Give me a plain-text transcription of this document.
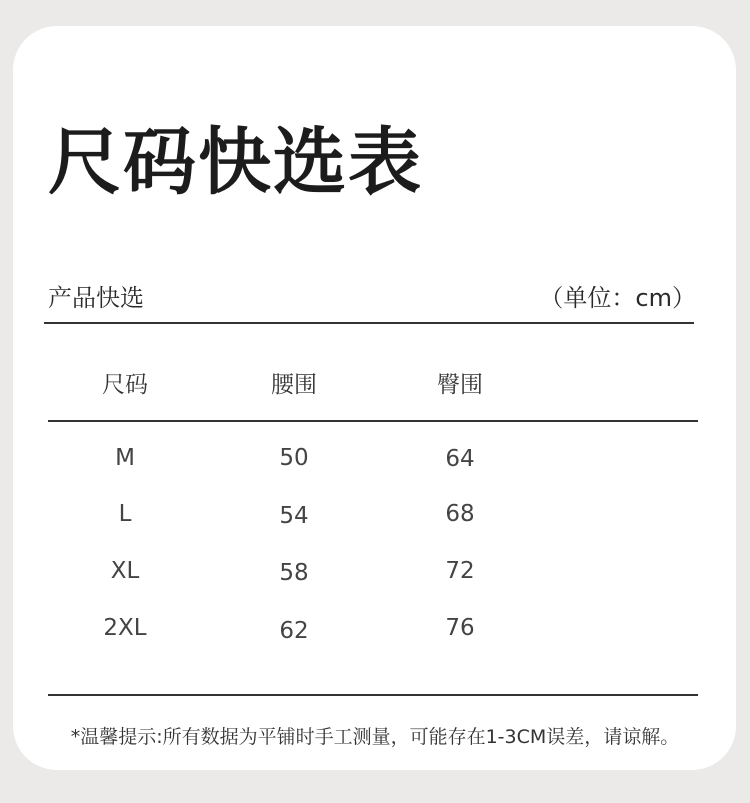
尺码快选表
产品快选	（单位：cm）
尺码	腰围	臀围
M	50	64
L	54	68
XL	58	72
2XL	62	76
*温馨提示:所有数据为平铺时手工测量，可能存在1-3CM误差，请谅解。
